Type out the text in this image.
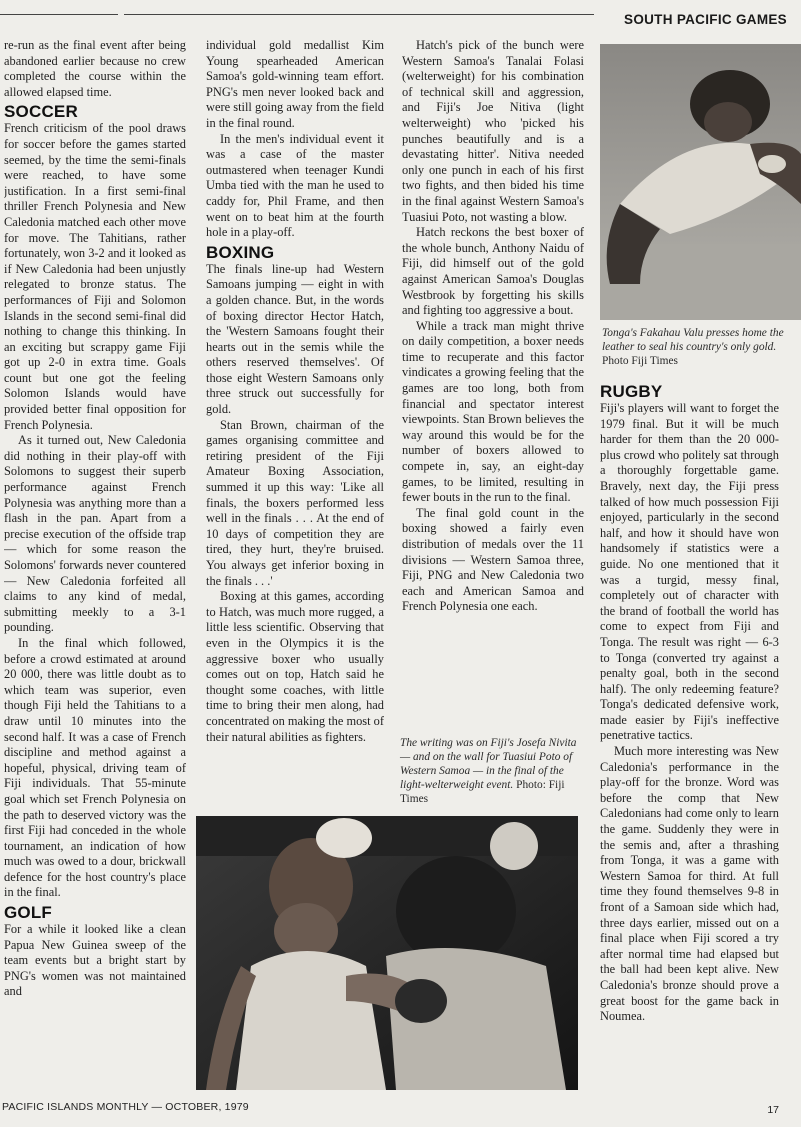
SOUTH PACIFIC GAMES

re-run as the final event after being abandoned earlier because no crew completed the course within the allowed elapsed time.

SOCCER

French criticism of the pool draws for soccer before the games started seemed, by the time the semi-finals were reached, to have some justification. In a first semi-final thriller French Polynesia and New Caledonia matched each other move for move. The Tahitians, rather fortunately, won 3-2 and it looked as if New Caledonia had been unjustly relegated to bronze status. The performances of Fiji and Solomon Islands in the second semi-final did nothing to change this thinking. In an exciting but scrappy game Fiji got up 2-0 in extra time. Goals count but one got the feeling Solomon Islands would have provided better final opposition for French Polynesia.

As it turned out, New Caledonia did nothing in their play-off with Solomons to suggest their superb performance against French Polynesia was anything more than a flash in the pan. Apart from a precise execution of the offside trap — which for some reason the Solomons' forwards never countered — New Caledonia forfeited all claims to any kind of medal, submitting meekly to a 3-1 pounding.

In the final which followed, before a crowd estimated at around 20 000, there was little doubt as to which team was superior, even though Fiji held the Tahitians to a draw until 10 minutes into the second half. It was a case of French discipline and method against a hopeful, physical, driving team of Fiji individuals. That 55-minute goal which set French Polynesia on the path to deserved victory was the first Fiji had conceded in the whole tournament, an indication of how much was owed to a dour, brickwall defence for the host country's place in the final.

GOLF

For a while it looked like a clean Papua New Guinea sweep of the team events but a bright start by PNG's women was not maintained and

individual gold medallist Kim Young spearheaded American Samoa's gold-winning team effort. PNG's men never looked back and were still going away from the field in the final round.

In the men's individual event it was a case of the master outmastered when teenager Kundi Umba tied with the man he used to caddy for, Phil Frame, and then went on to beat him at the fourth hole in a play-off.

BOXING

The finals line-up had Western Samoans jumping — eight in with a golden chance. But, in the words of boxing director Hector Hatch, the 'Western Samoans fought their hearts out in the semis while the others reserved themselves'. Of those eight Western Samoans only three struck out successfully for gold.

Stan Brown, chairman of the games organising committee and retiring president of the Fiji Amateur Boxing Association, summed it up this way: 'Like all finals, the boxers performed less well in the finals . . . At the end of 10 days of competition they are tired, they hurt, they're bruised. You always get inferior boxing in the finals . . .'

Boxing at this games, according to Hatch, was much more rugged, a little less scientific. Observing that even in the Olympics it is the aggressive boxer who usually comes out on top, Hatch said he thought some coaches, with little time to bring their men along, had concentrated on making the most of their natural abilities as fighters.

Hatch's pick of the bunch were Western Samoa's Tanalai Folasi (welterweight) for his combination of technical skill and aggression, and Fiji's Joe Nitiva (light welterweight) who 'picked his punches beautifully and is a devastating hitter'. Nitiva needed only one punch in each of his first two fights, and then bided his time in the final against Western Samoa's Tuasiui Poto, not wasting a blow.

Hatch reckons the best boxer of the whole bunch, Anthony Naidu of Fiji, did himself out of the gold against American Samoa's Douglas Westbrook by forgetting his skills and fighting too aggressive a bout.

While a track man might thrive on daily competition, a boxer needs time to recuperate and this factor vindicates a growing feeling that the games are too long, both from financial and spectator interest viewpoints. Stan Brown believes the way around this would be for the number of boxers allowed to compete in, say, an eight-day games, to be limited, resulting in fewer bouts in the run to the final.

The final gold count in the boxing showed a fairly even distribution of medals over the 11 divisions — Western Samoa three, Fiji, PNG and New Caledonia two each and American Samoa and French Polynesia one each.

The writing was on Fiji's Josefa Nivita — and on the wall for Tuasiui Poto of Western Samoa — in the final of the light-welterweight event. Photo: Fiji Times
Tonga's Fakahau Valu presses home the leather to seal his country's only gold. Photo Fiji Times
RUGBY

Fiji's players will want to forget the 1979 final. But it will be much harder for them than the 20 000-plus crowd who politely sat through a thoroughly forgettable game. Bravely, next day, the Fiji press talked of how much possession Fiji enjoyed, particularly in the second half, and how it should have won handsomely if statistics were a guide. No one mentioned that it was a turgid, messy final, completely out of character with the brand of football the world has come to expect from Fiji and Tonga. The result was right — 6-3 to Tonga (converted try against a penalty goal, both in the second half). The only redeeming feature? Tonga's dedicated defensive work, made easier by Fiji's ineffective penetrative tactics.

Much more interesting was New Caledonia's performance in the play-off for the bronze. Word was before the comp that New Caledonians had come only to learn the game. Suddenly they were in the semis and, after a thrashing from Tonga, it was a game with Western Samoa for third. At full time they found themselves 9-8 in front of a Samoan side which had, three days earlier, missed out on a final place when Fiji scored a try after normal time had elapsed but the ball had been kept alive. New Caledonia's bronze should prove a great boost for the game back in Noumea.

PACIFIC ISLANDS MONTHLY — OCTOBER, 1979	17
